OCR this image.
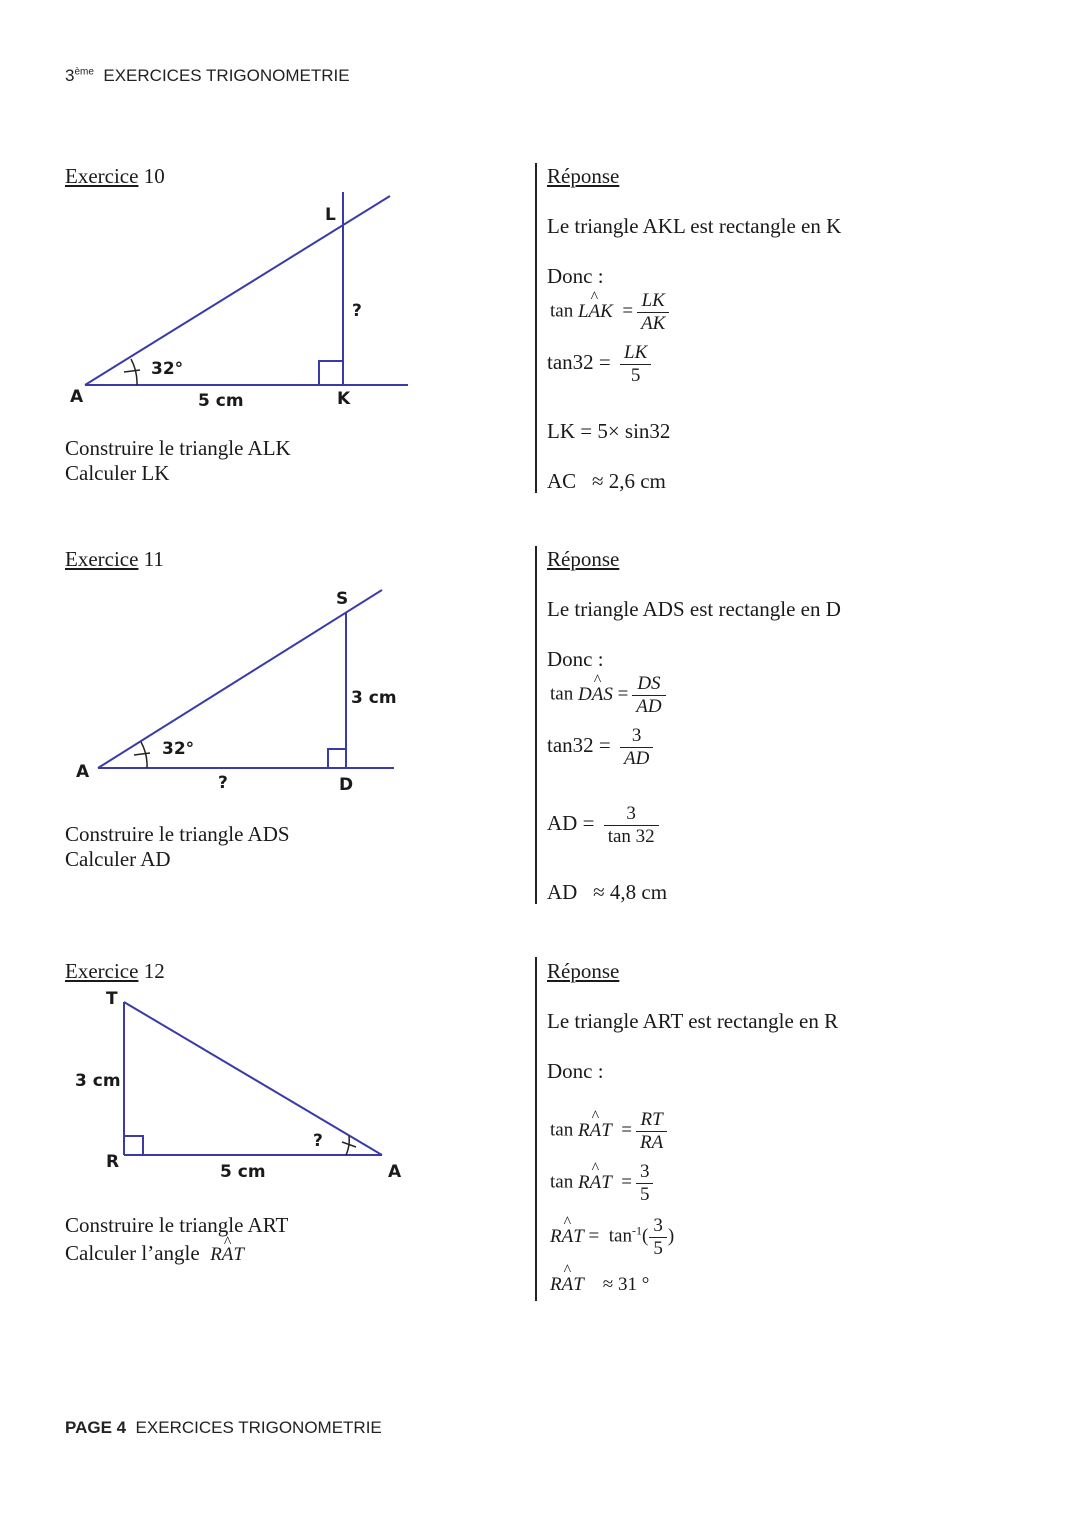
3ème EXERCICES TRIGONOMETRIE
Exercice 10
L
?
32°
A	5 cm	K
Construire le triangle ALK
Calculer LK
Réponse
Le triangle AKL est rectangle en K
Donc :
tan L^ AK  = $\frac{LK}{AK}$
$\tan 32 = \frac{LK}{5}$
LK = 5× sin32
AC ≈ 2,6 cm
Exercice 11
S
3 cm
32°
A
?	D
Construire le triangle ADS
Calculer AD
Réponse
Le triangle ADS est rectangle en D
Donc :
tan D^ AS = $\frac{DS}{AD}$
$\tan 32 = \frac{3}{AD}$
AD = $\frac{3}{\tan 32}$
AD ≈ 4,8 cm
Exercice 12
T
3 cm
?
R	5 cm	A
Construire le triangle ART
Calculer l’angle R^ AT
Réponse
Le triangle ART est rectangle en R
Donc :
tan R^ AT  = $\frac{RT}{RA}$
tan R^ AT  = $\frac{3}{5}$
R^ AT =  $\tan^{-1}( \frac{3}{5}$ )
R^ AT ≈ 31 °
PAGE 4 EXERCICES TRIGONOMETRIE
